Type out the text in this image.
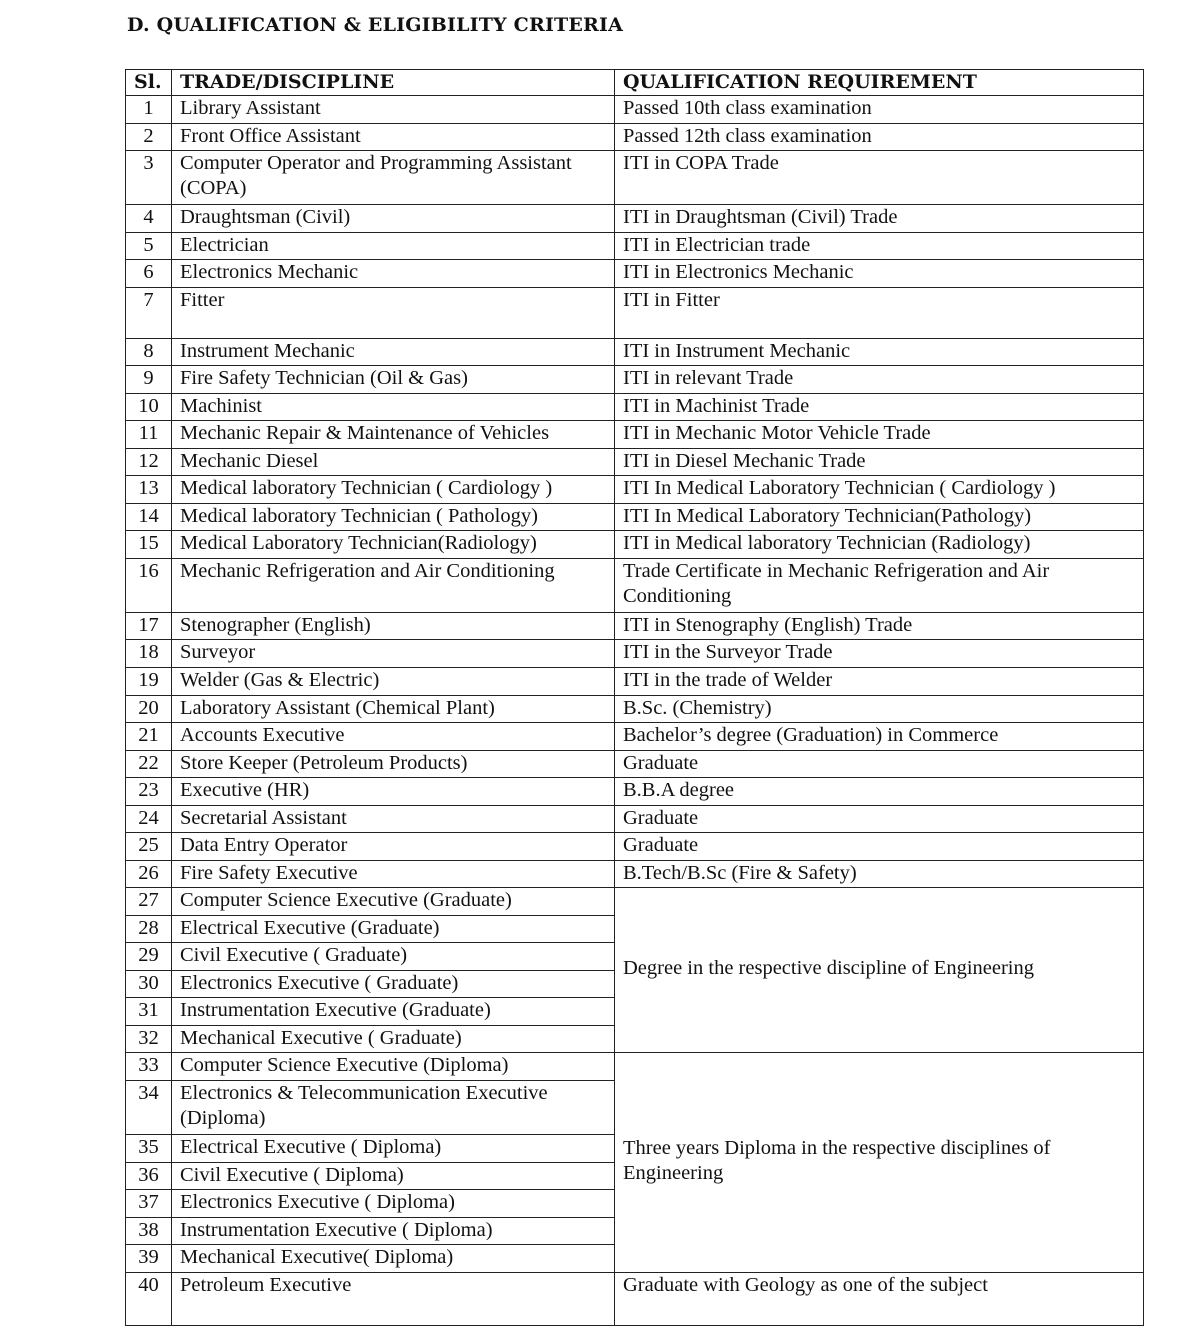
D. QUALIFICATION & ELIGIBILITY CRITERIA
Sl.	TRADE/DISCIPLINE	QUALIFICATION REQUIREMENT
1	Library Assistant	Passed 10th class examination
2	Front Office Assistant	Passed 12th class examination
3	Computer Operator and Programming Assistant (COPA)	ITI in COPA Trade
4	Draughtsman (Civil)	ITI in Draughtsman (Civil) Trade
5	Electrician	ITI in Electrician trade
6	Electronics Mechanic	ITI in Electronics Mechanic
7	Fitter	ITI in Fitter
8	Instrument Mechanic	ITI in Instrument Mechanic
9	Fire Safety Technician (Oil & Gas)	ITI in relevant Trade
10	Machinist	ITI in Machinist Trade
11	Mechanic Repair & Maintenance of Vehicles	ITI in Mechanic Motor Vehicle Trade
12	Mechanic Diesel	ITI in Diesel Mechanic Trade
13	Medical laboratory Technician ( Cardiology )	ITI In Medical Laboratory Technician ( Cardiology )
14	Medical laboratory Technician ( Pathology)	ITI In Medical Laboratory Technician(Pathology)
15	Medical Laboratory Technician(Radiology)	ITI in Medical laboratory Technician (Radiology)
16	Mechanic Refrigeration and Air Conditioning	Trade Certificate in Mechanic Refrigeration and Air Conditioning
17	Stenographer (English)	ITI in Stenography (English) Trade
18	Surveyor	ITI in the Surveyor Trade
19	Welder (Gas & Electric)	ITI in the trade of Welder
20	Laboratory Assistant (Chemical Plant)	B.Sc. (Chemistry)
21	Accounts Executive	Bachelor’s degree (Graduation) in Commerce
22	Store Keeper (Petroleum Products)	Graduate
23	Executive (HR)	B.B.A degree
24	Secretarial Assistant	Graduate
25	Data Entry Operator	Graduate
26	Fire Safety Executive	B.Tech/B.Sc (Fire & Safety)
27	Computer Science Executive (Graduate)	Degree in the respective discipline of Engineering

28	Electrical Executive (Graduate)	
29	Civil Executive ( Graduate)	
30	Electronics Executive ( Graduate)	
31	Instrumentation Executive (Graduate)	
32	Mechanical Executive ( Graduate)	
33	Computer Science Executive (Diploma)	Three years Diploma in the respective disciplines of Engineering

34	Electronics & Telecommunication Executive (Diploma)	
35	Electrical Executive ( Diploma)	
36	Civil Executive ( Diploma)	
37	Electronics Executive ( Diploma)	
38	Instrumentation Executive ( Diploma)	
39	Mechanical Executive( Diploma)	
40	Petroleum Executive	Graduate with Geology as one of the subject
